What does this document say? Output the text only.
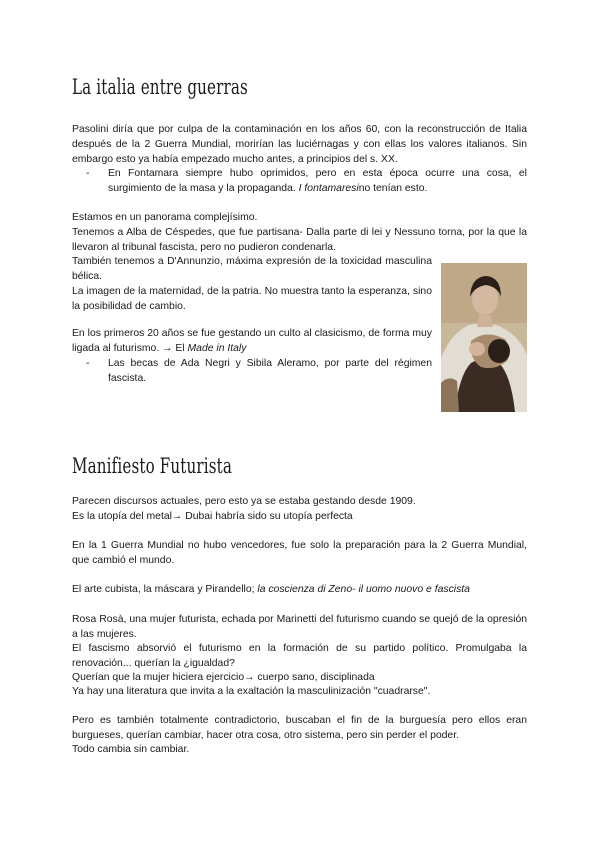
La italia entre guerras

Pasolini diría que por culpa de la contaminación en los años 60, con la reconstrucción de Italia después de la 2 Guerra Mundial, morirían las luciérnagas y con ellas los valores italianos. Sin embargo esto ya había empezado mucho antes, a principios del s. XX.

- En Fontamara siempre hubo oprimidos, pero en esta época ocurre una cosa, el surgimiento de la masa y la propaganda. I fontamaresino tenían esto.

Estamos en un panorama complejísimo.
Tenemos a Alba de Céspedes, que fue partisana- Dalla parte di lei y Nessuno torna, por la que la llevaron al tribunal fascista, pero no pudieron condenarla.

También tenemos a D'Annunzio, máxima expresión de la toxicidad masculina bélica.

La imagen de la maternidad, de la patria. No muestra tanto la esperanza, sino la posibilidad de cambio.

En los primeros 20 años se fue gestando un culto al clasicismo, de forma muy ligada al futurismo. → El Made in Italy

- Las becas de Ada Negri y Sibila Aleramo, por parte del régimen fascista.
Manifiesto Futurista

Parecen discursos actuales, pero esto ya se estaba gestando desde 1909.
Es la utopía del metal→ Dubai habría sido su utopía perfecta

En la 1 Guerra Mundial no hubo vencedores, fue solo la preparación para la 2 Guerra Mundial, que cambió el mundo.

El arte cubista, la máscara y Pirandello; la coscienza di Zeno- il uomo nuovo e fascista

Rosa Rosà, una mujer futurista, echada por Marinetti del futurismo cuando se quejó de la opresión a las mujeres.

El fascismo absorvió el futurismo en la formación de su partido político. Promulgaba la renovación... querían la ¿igualdad?

Querían que la mujer hiciera ejercicio→ cuerpo sano, disciplinada

Ya hay una literatura que invita a la exaltación la masculinización "cuadrarse".

Pero es también totalmente contradictorio, buscaban el fin de la burguesía pero ellos eran burgueses, querían cambiar, hacer otra cosa, otro sistema, pero sin perder el poder.

Todo cambia sin cambiar.
